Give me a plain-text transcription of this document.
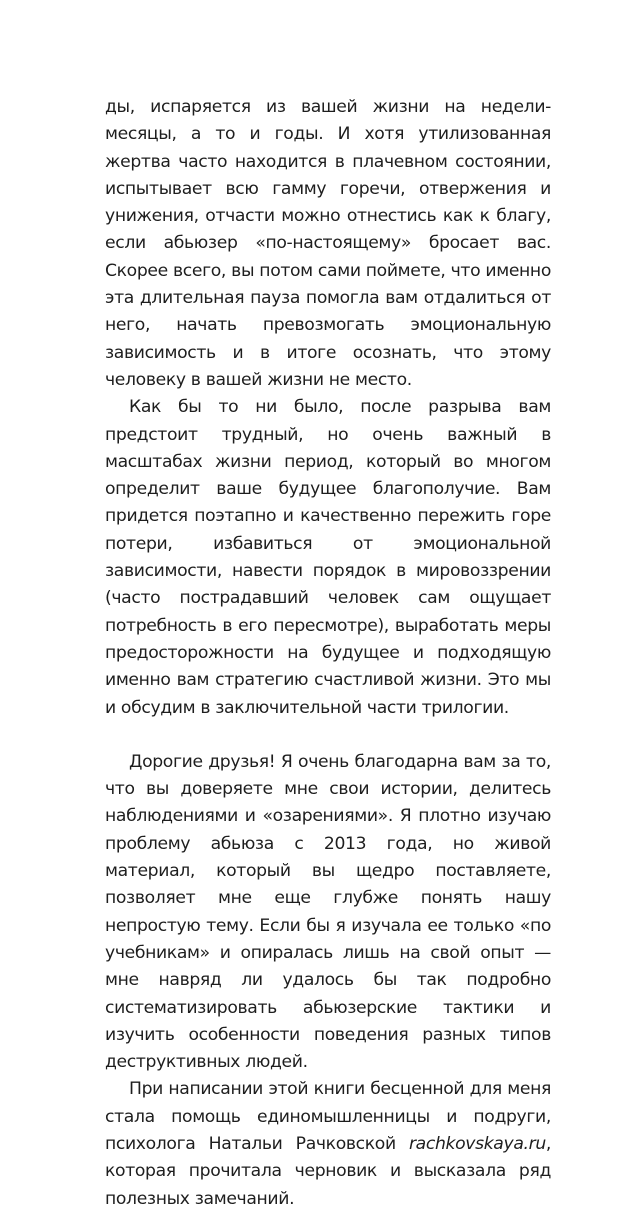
ды, испаряется из вашей жизни на недели-месяцы, а то и годы. И хотя утилизованная жертва часто находится в плачевном состоянии, испытывает всю гамму горечи, отвержения и унижения, отчасти можно отнестись как к благу, если абьюзер «по-настоящему» бросает вас. Скорее всего, вы потом сами поймете, что именно эта длительная пауза помогла вам отдалиться от него, начать превозмогать эмоциональную зависимость и в итоге осознать, что этому человеку в вашей жизни не место.

Как бы то ни было, после разрыва вам предстоит трудный, но очень важный в масштабах жизни период, который во многом определит ваше будущее благополучие. Вам придется поэтапно и качественно пережить горе потери, избавиться от эмоциональной зависимости, навести порядок в мировоззрении (часто пострадавший человек сам ощущает потребность в его пересмотре), выработать меры предосторожности на будущее и подходящую именно вам стратегию счастливой жизни. Это мы и обсудим в заключительной части трилогии.

Дорогие друзья! Я очень благодарна вам за то, что вы доверяете мне свои истории, делитесь наблюдениями и «озарениями». Я плотно изучаю проблему абьюза с 2013 года, но живой материал, который вы щедро поставляете, позволяет мне еще глубже понять нашу непростую тему. Если бы я изучала ее только «по учебникам» и опиралась лишь на свой опыт — мне навряд ли удалось бы так подробно систематизировать абьюзерские тактики и изучить особенности поведения разных типов деструктивных людей.

При написании этой книги бесценной для меня стала помощь единомышленницы и подруги, психолога Натальи Рачковской rachkovskaya.ru, которая прочитала черновик и высказала ряд полезных замечаний.
